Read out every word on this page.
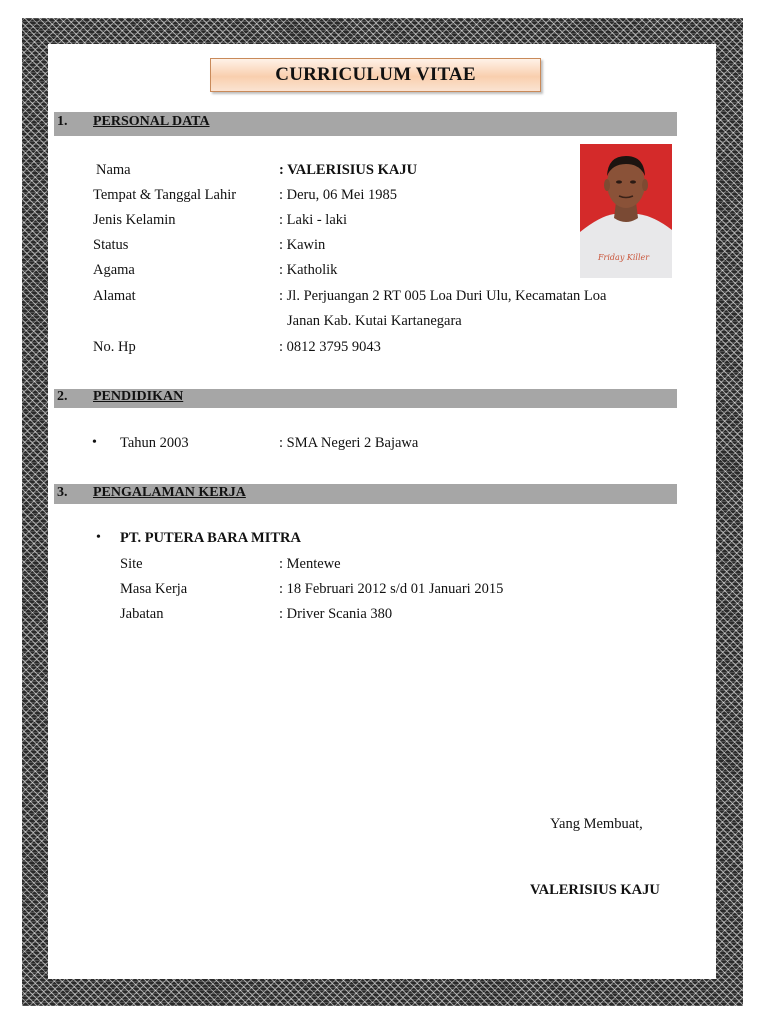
CURRICULUM VITAE
1. PERSONAL DATA
Nama	: VALERISIUS KAJU
Tempat & Tanggal Lahir	: Deru, 06 Mei 1985
Jenis Kelamin	: Laki - laki
Status	: Kawin
Agama	: Katholik
Alamat	: Jl. Perjuangan 2 RT 005 Loa Duri Ulu, Kecamatan Loa
Janan Kab. Kutai Kartanegara
No. Hp	: 0812 3795 9043
Friday Killer
2. PENDIDIKAN
• Tahun 2003	: SMA Negeri 2 Bajawa
3. PENGALAMAN KERJA
• PT. PUTERA BARA MITRA
Site	: Mentewe
Masa Kerja	: 18 Februari 2012 s/d 01 Januari 2015
Jabatan	: Driver Scania 380
Yang Membuat,
VALERISIUS KAJU
